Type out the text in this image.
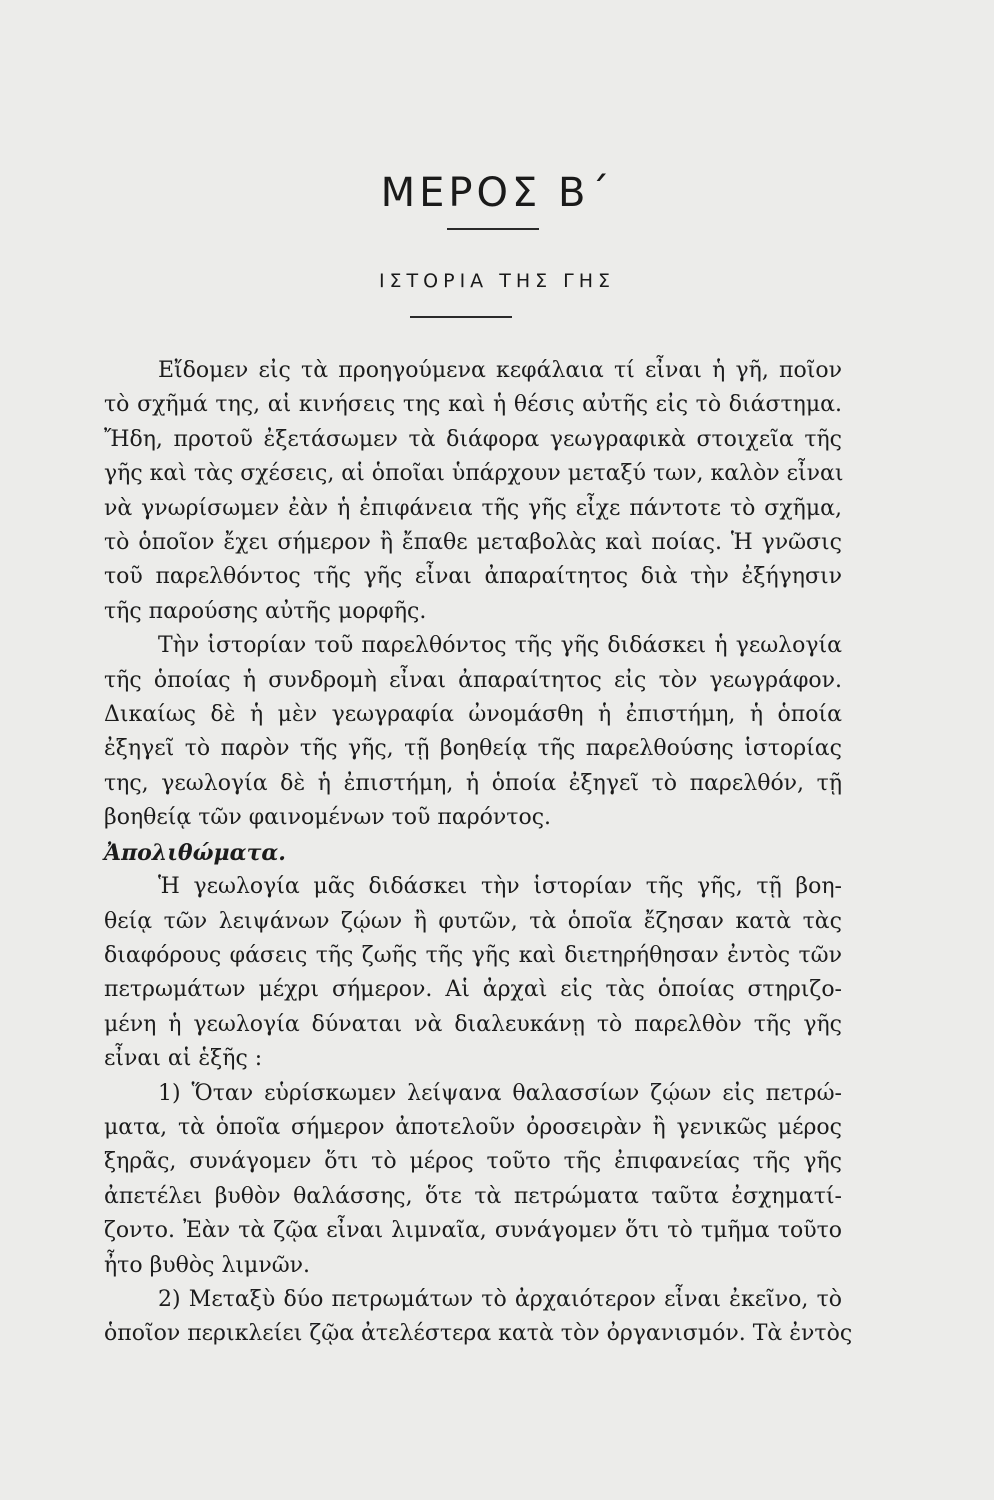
ΜΕΡΟΣ Β΄
ΙΣΤΟΡΙΑ ΤΗΣ ΓΗΣ
Εἴδομεν εἰς τὰ προηγούμενα κεφάλαια τί εἶναι ἡ γῆ, ποῖον
τὸ σχῆμά της, αἱ κινήσεις της καὶ ἡ θέσις αὐτῆς εἰς τὸ διάστημα.
Ἤδη, προτοῦ ἐξετάσωμεν τὰ διάφορα γεωγραφικὰ στοιχεῖα τῆς
γῆς καὶ τὰς σχέσεις, αἱ ὁποῖαι ὑπάρχουν μεταξύ των, καλὸν εἶναι
νὰ γνωρίσωμεν ἐὰν ἡ ἐπιφάνεια τῆς γῆς εἶχε πάντοτε τὸ σχῆμα,
τὸ ὁποῖον ἔχει σήμερον ἢ ἔπαθε μεταβολὰς καὶ ποίας. Ἡ γνῶσις
τοῦ παρελθόντος τῆς γῆς εἶναι ἀπαραίτητος διὰ τὴν ἐξήγησιν
τῆς παρούσης αὐτῆς μορφῆς.
Τὴν ἱστορίαν τοῦ παρελθόντος τῆς γῆς διδάσκει ἡ γεωλογία
τῆς ὁποίας ἡ συνδρομὴ εἶναι ἀπαραίτητος εἰς τὸν γεωγράφον.
Δικαίως δὲ ἡ μὲν γεωγραφία ὠνομάσθη ἡ ἐπιστήμη, ἡ ὁποία
ἐξηγεῖ τὸ παρὸν τῆς γῆς, τῇ βοηθείᾳ τῆς παρελθούσης ἱστορίας
της, γεωλογία δὲ ἡ ἐπιστήμη, ἡ ὁποία ἐξηγεῖ τὸ παρελθόν, τῇ
βοηθείᾳ τῶν φαινομένων τοῦ παρόντος.
Ἀπολιθώματα.
Ἡ γεωλογία μᾶς διδάσκει τὴν ἱστορίαν τῆς γῆς, τῇ βοη-
θείᾳ τῶν λειψάνων ζῴων ἢ φυτῶν, τὰ ὁποῖα ἔζησαν κατὰ τὰς
διαφόρους φάσεις τῆς ζωῆς τῆς γῆς καὶ διετηρήθησαν ἐντὸς τῶν
πετρωμάτων μέχρι σήμερον. Αἱ ἀρχαὶ εἰς τὰς ὁποίας στηριζο-
μένη ἡ γεωλογία δύναται νὰ διαλευκάνῃ τὸ παρελθὸν τῆς γῆς
εἶναι αἱ ἑξῆς :
1) Ὅταν εὑρίσκωμεν λείψανα θαλασσίων ζῴων εἰς πετρώ-
ματα, τὰ ὁποῖα σήμερον ἀποτελοῦν ὀροσειρὰν ἢ γενικῶς μέρος
ξηρᾶς, συνάγομεν ὅτι τὸ μέρος τοῦτο τῆς ἐπιφανείας τῆς γῆς
ἀπετέλει βυθὸν θαλάσσης, ὅτε τὰ πετρώματα ταῦτα ἐσχηματί-
ζοντο. Ἐὰν τὰ ζῷα εἶναι λιμναῖα, συνάγομεν ὅτι τὸ τμῆμα τοῦτο
ἦτο βυθὸς λιμνῶν.
2) Μεταξὺ δύο πετρωμάτων τὸ ἀρχαιότερον εἶναι ἐκεῖνο, τὸ
ὁποῖον περικλείει ζῷα ἀτελέστερα κατὰ τὸν ὀργανισμόν. Τὰ ἐντὸς
